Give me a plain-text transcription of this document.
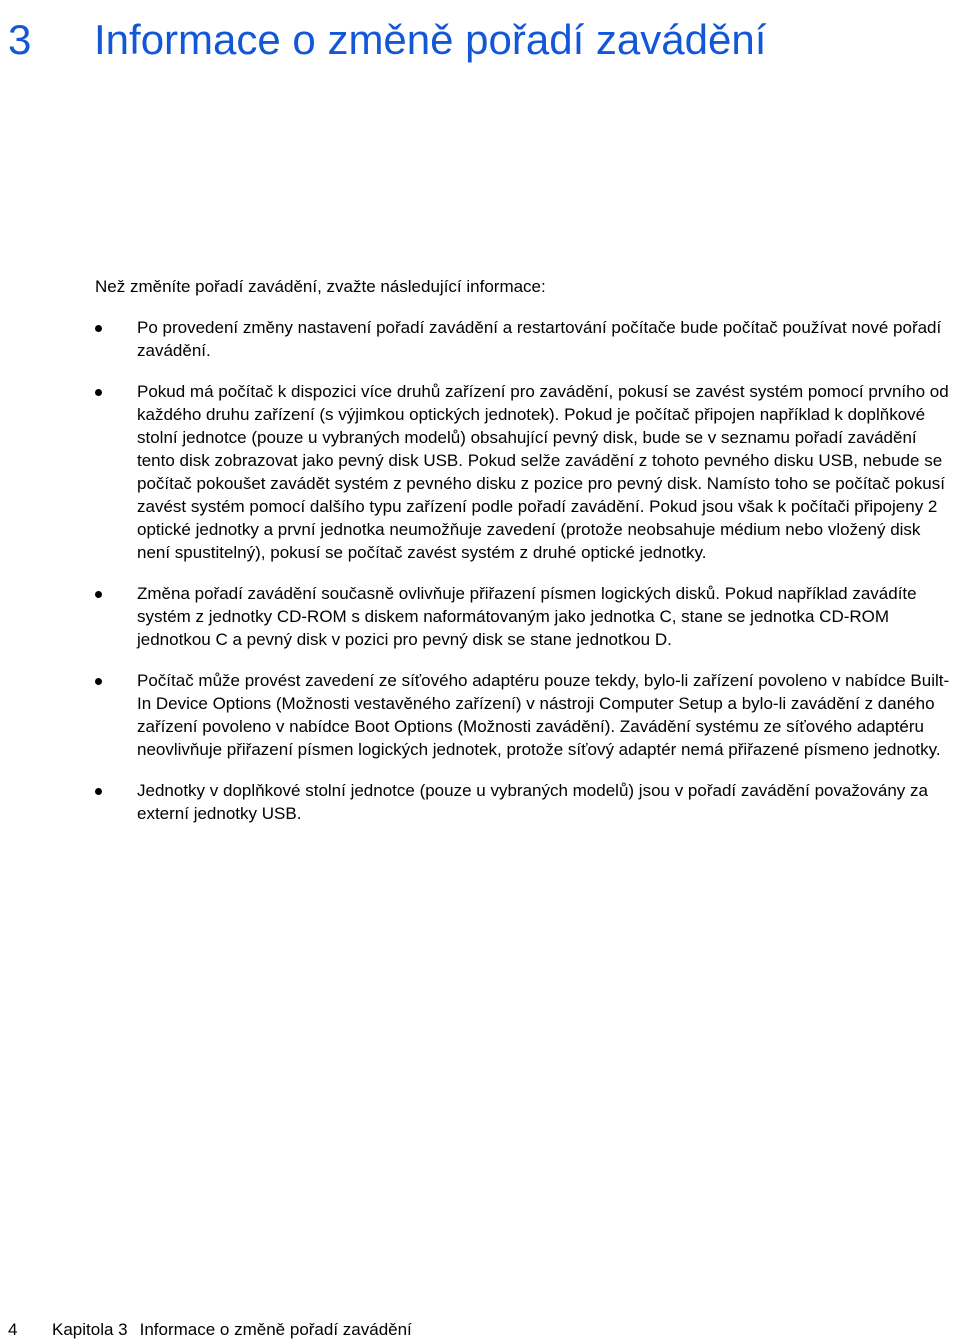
3 Informace o změně pořadí zavádění

Než změníte pořadí zavádění, zvažte následující informace:

Po provedení změny nastavení pořadí zavádění a restartování počítače bude počítač používat nové pořadí zavádění.
Pokud má počítač k dispozici více druhů zařízení pro zavádění, pokusí se zavést systém pomocí prvního od každého druhu zařízení (s výjimkou optických jednotek). Pokud je počítač připojen například k doplňkové stolní jednotce (pouze u vybraných modelů) obsahující pevný disk, bude se v seznamu pořadí zavádění tento disk zobrazovat jako pevný disk USB. Pokud selže zavádění z tohoto pevného disku USB, nebude se počítač pokoušet zavádět systém z pevného disku z pozice pro pevný disk. Namísto toho se počítač pokusí zavést systém pomocí dalšího typu zařízení podle pořadí zavádění. Pokud jsou však k počítači připojeny 2 optické jednotky a první jednotka neumožňuje zavedení (protože neobsahuje médium nebo vložený disk není spustitelný), pokusí se počítač zavést systém z druhé optické jednotky.
Změna pořadí zavádění současně ovlivňuje přiřazení písmen logických disků. Pokud například zavádíte systém z jednotky CD-ROM s diskem naformátovaným jako jednotka C, stane se jednotka CD-ROM jednotkou C a pevný disk v pozici pro pevný disk se stane jednotkou D.
Počítač může provést zavedení ze síťového adaptéru pouze tekdy, bylo-li zařízení povoleno v nabídce Built-In Device Options (Možnosti vestavěného zařízení) v nástroji Computer Setup a bylo-li zavádění z daného zařízení povoleno v nabídce Boot Options (Možnosti zavádění). Zavádění systému ze síťového adaptéru neovlivňuje přiřazení písmen logických jednotek, protože síťový adaptér nemá přiřazené písmeno jednotky.
Jednotky v doplňkové stolní jednotce (pouze u vybraných modelů) jsou v pořadí zavádění považovány za externí jednotky USB.
4 Kapitola 3 Informace o změně pořadí zavádění
